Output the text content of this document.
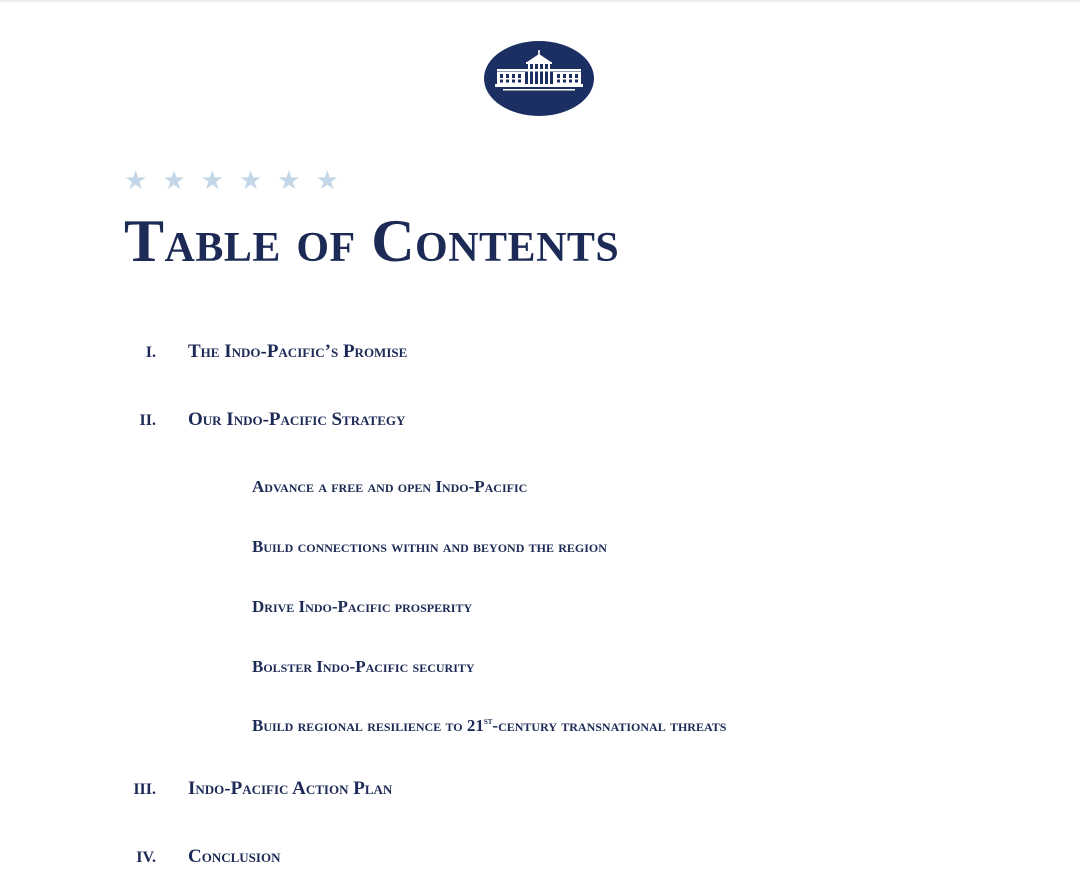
★ ★ ★ ★ ★ ★
Table of Contents
I. The Indo-Pacific’s Promise
II. Our Indo-Pacific Strategy
Advance a free and open Indo-Pacific
Build connections within and beyond the region
Drive Indo-Pacific prosperity
Bolster Indo-Pacific security
Build regional resilience to 21st-century transnational threats
III. Indo-Pacific Action Plan
IV. Conclusion
